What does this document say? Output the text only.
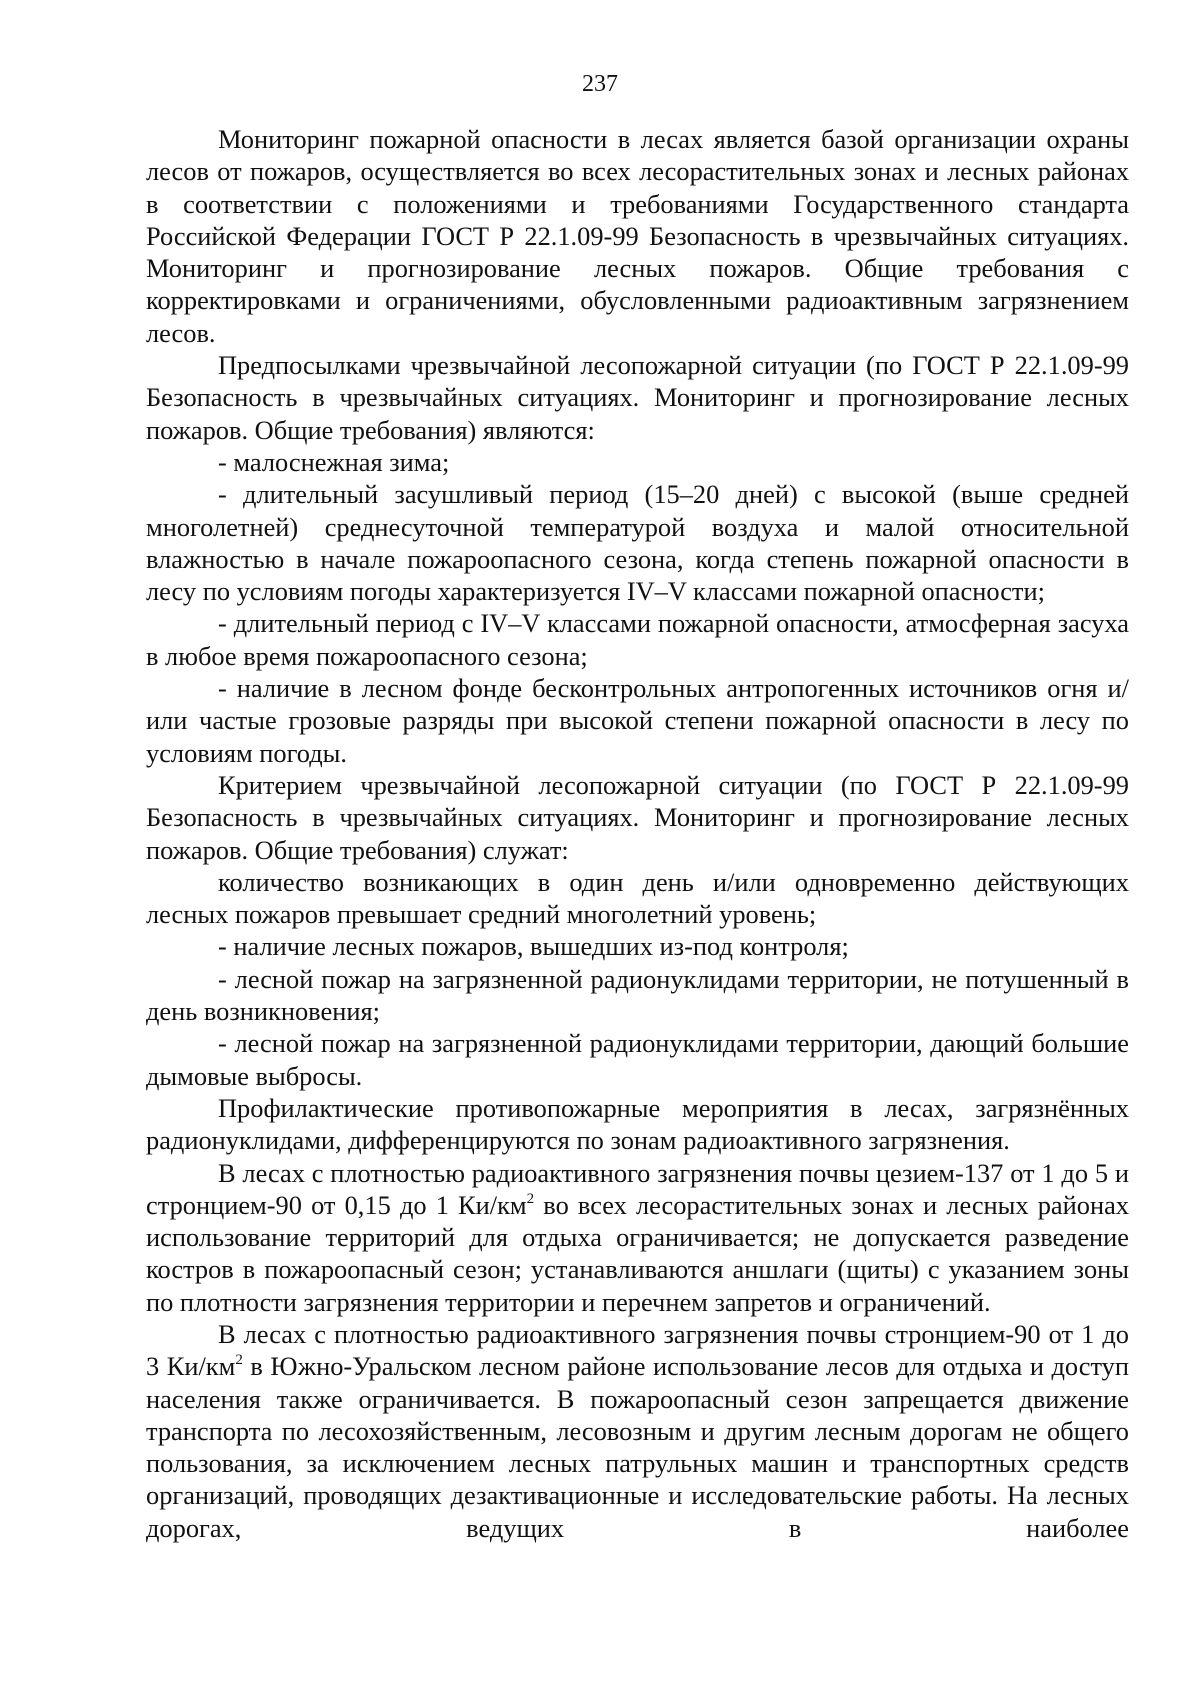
237

Мониторинг пожарной опасности в лесах является базой организации охраны лесов от пожаров, осуществляется во всех лесорастительных зонах и лесных районах в соответствии с положениями и требованиями Государственного стандарта Российской Федерации ГОСТ Р 22.1.09-99 Безопасность в чрезвычайных ситуациях. Мониторинг и прогнозирование лесных пожаров. Общие требования с корректировками и ограничениями, обусловленными радиоактивным загрязнением лесов.

Предпосылками чрезвычайной лесопожарной ситуации (по ГОСТ Р 22.1.09-99 Безопасность в чрезвычайных ситуациях. Мониторинг и прогнозирование лесных пожаров. Общие требования) являются:

- малоснежная зима;

- длительный засушливый период (15–20 дней) с высокой (выше средней многолетней) среднесуточной температурой воздуха и малой относительной влажностью в начале пожароопасного сезона, когда степень пожарной опасности в лесу по условиям погоды характеризуется IV–V классами пожарной опасности;

- длительный период с IV–V классами пожарной опасности, атмосферная засуха в любое время пожароопасного сезона;

- наличие в лесном фонде бесконтрольных антропогенных источников огня и/или частые грозовые разряды при высокой степени пожарной опасности в лесу по условиям погоды.

Критерием чрезвычайной лесопожарной ситуации (по ГОСТ Р 22.1.09-99 Безопасность в чрезвычайных ситуациях. Мониторинг и прогнозирование лесных пожаров. Общие требования) служат:

количество возникающих в один день и/или одновременно действующих лесных пожаров превышает средний многолетний уровень;

- наличие лесных пожаров, вышедших из-под контроля;

- лесной пожар на загрязненной радионуклидами территории, не потушенный в день возникновения;

- лесной пожар на загрязненной радионуклидами территории, дающий большие дымовые выбросы.

Профилактические противопожарные мероприятия в лесах, загрязнённых радионуклидами, дифференцируются по зонам радиоактивного загрязнения.

В лесах с плотностью радиоактивного загрязнения почвы цезием-137 от 1 до 5 и стронцием-90 от 0,15 до 1 $Ки/км^2$ во всех лесорастительных зонах и лесных районах использование территорий для отдыха ограничивается; не допускается разведение костров в пожароопасный сезон; устанавливаются аншлаги (щиты) с указанием зоны по плотности загрязнения территории и перечнем запретов и ограничений.

В лесах с плотностью радиоактивного загрязнения почвы стронцием-90 от 1 до 3 $Ки/км^2$ в Южно-Уральском лесном районе использование лесов для отдыха и доступ населения также ограничивается. В пожароопасный сезон запрещается движение транспорта по лесохозяйственным, лесовозным и другим лесным дорогам не общего пользования, за исключением лесных патрульных машин и транспортных средств организаций, проводящих дезактивационные и исследовательские работы. На лесных дорогах, ведущих в наиболее
